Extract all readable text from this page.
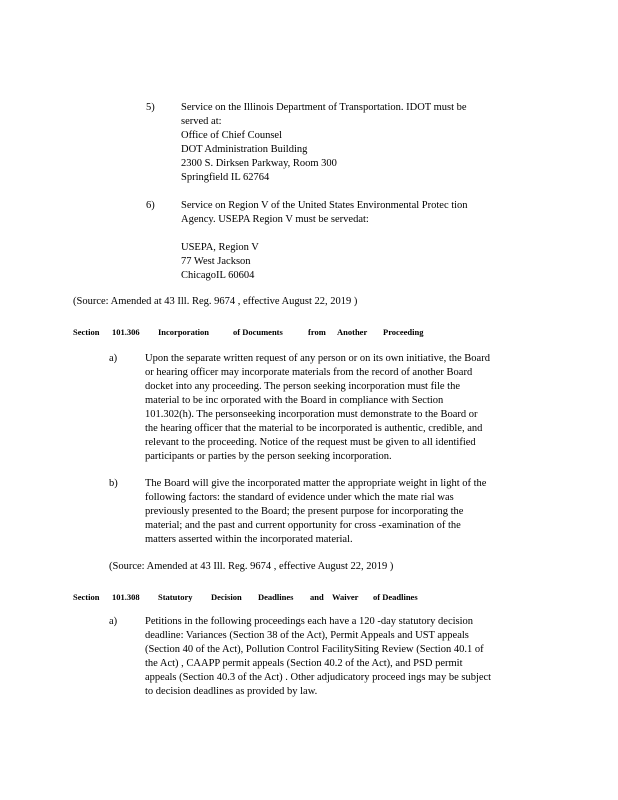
5)	Service on the Illinois Department of Transportation. IDOT must be
served at:
Office of Chief Counsel
DOT Administration Building
2300 S. Dirksen Parkway, Room 300
Springfield IL 62764
6)	Service on Region V of the United States Environmental Protec tion
Agency. USEPA Region V must be servedat:
USEPA, Region V
77 West Jackson
ChicagoIL 60604
(Source: Amended at 43 Ill. Reg. 9674 , effective August 22, 2019 )
Section 101.306 Incorporation	of Documents	from Another Proceeding
a)	Upon the separate written request of any person or on its own initiative, the Board
or hearing officer may incorporate materials from the record of another Board
docket into any proceeding. The person seeking incorporation must file the
material to be inc orporated with the Board in compliance with Section
101.302(h). The personseeking incorporation must demonstrate to the Board or
the hearing officer that the material to be incorporated is authentic, credible, and
relevant to the proceeding. Notice of the request must be given to all identified
participants or parties by the person seeking incorporation.
b)	The Board will give the incorporated matter the appropriate weight in light of the
following factors: the standard of evidence under which the mate rial was
previously presented to the Board; the present purpose for incorporating the
material; and the past and current opportunity for cross -examination of the
matters asserted within the incorporated material.
(Source: Amended at 43 Ill. Reg. 9674 , effective August 22, 2019 )
Section 101.308 Statutory Decision Deadlines and Waiver of Deadlines
a)	Petitions in the following proceedings each have a 120 -day statutory decision
deadline: Variances (Section 38 of the Act), Permit Appeals and UST appeals
(Section 40 of the Act), Pollution Control FacilitySiting Review (Section 40.1 of
the Act) , CAAPP permit appeals (Section 40.2 of the Act), and PSD permit
appeals (Section 40.3 of the Act) . Other adjudicatory proceed ings may be subject
to decision deadlines as provided by law.
